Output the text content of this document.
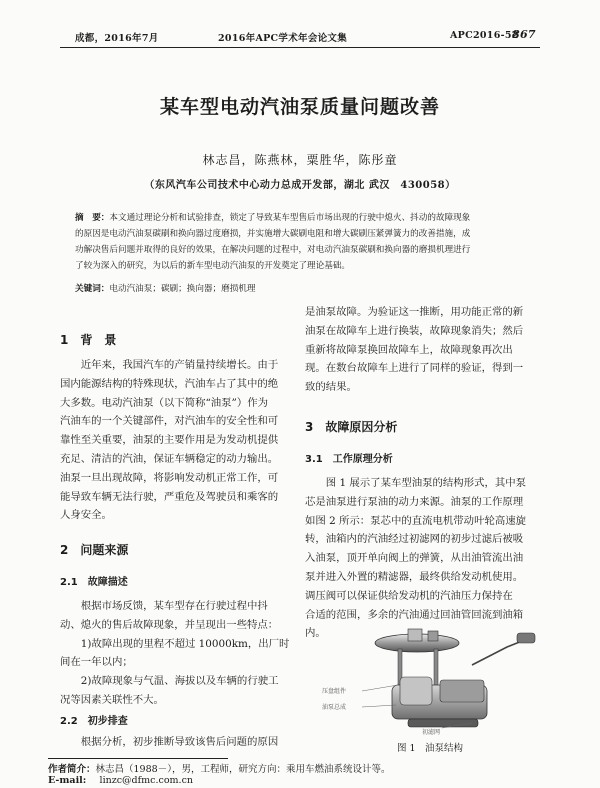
成都，2016年7月	2016年APC学术年会论文集	APC2016-52
867
某车型电动汽油泵质量问题改善
林志昌，陈燕林，粟胜华，陈彤童
（东风汽车公司技术中心动力总成开发部，湖北 武汉　430058）
摘　要：本文通过理论分析和试验排查，锁定了导致某车型售后市场出现的行驶中熄火、抖动的故障现象
的原因是电动汽油泵碳刷和换向器过度磨损，并实施增大碳刷电阻和增大碳刷压紧弹簧力的改善措施，成
功解决售后问题并取得的良好的效果，在解决问题的过程中，对电动汽油泵碳刷和换向器的磨损机理进行
了较为深入的研究，为以后的新车型电动汽油泵的开发奠定了理论基础。
关键词：电动汽油泵；碳刷；换向器；磨损机理
1　背　景
近年来，我国汽车的产销量持续增长。由于
国内能源结构的特殊现状，汽油车占了其中的绝
大多数。电动汽油泵（以下简称“油泵”）作为
汽油车的一个关键部件，对汽油车的安全性和可
靠性至关重要，油泵的主要作用是为发动机提供
充足、清洁的汽油，保证车辆稳定的动力输出。
油泵一旦出现故障，将影响发动机正常工作，可
能导致车辆无法行驶，严重危及驾驶员和乘客的
人身安全。
2　问题来源
2.1　故障描述
根据市场反馈，某车型存在行驶过程中抖
动、熄火的售后故障现象，并呈现出一些特点：
1)故障出现的里程不超过 10000km，出厂时
间在一年以内；
2)故障现象与气温、海拔以及车辆的行驶工
况等因素关联性不大。
2.2　初步排查
根据分析，初步推断导致该售后问题的原因
是油泵故障。为验证这一推断，用功能正常的新
油泵在故障车上进行换装，故障现象消失；然后
重新将故障泵换回故障车上，故障现象再次出
现。在数台故障车上进行了同样的验证，得到一
致的结果。
3　故障原因分析
3.1　工作原理分析
图 1 展示了某车型油泵的结构形式，其中泵
芯是油泵进行泵油的动力来源。油泵的工作原理
如图 2 所示：泵芯中的直流电机带动叶轮高速旋
转，油箱内的汽油经过初滤网的初步过滤后被吸
入油泵，顶开单向阀上的弹簧，从出油管流出油
泵并进入外置的精滤器，最终供给发动机使用。
调压阀可以保证供给发动机的汽油压力保持在
合适的范围，多余的汽油通过回油管回流到油箱
内。
压盘组件
油泵总成
初滤网
图 1　油泵结构
作者简介：林志昌（1988－），男，工程师，研究方向：乘用车燃油系统设计等。
E-mail: linzc@dfmc.com.cn
